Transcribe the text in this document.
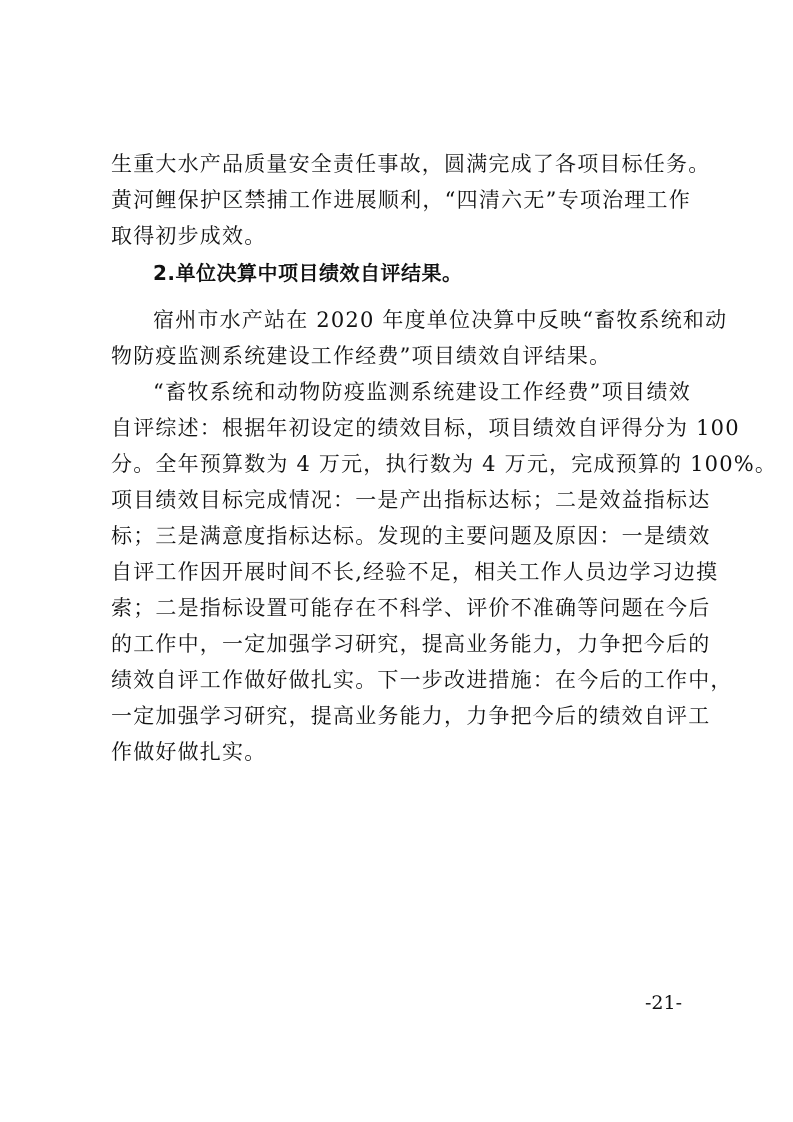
生重大水产品质量安全责任事故，圆满完成了各项目标任务。
黄河鲤保护区禁捕工作进展顺利，“四清六无”专项治理工作
取得初步成效。
2.单位决算中项目绩效自评结果。
宿州市水产站在 2020 年度单位决算中反映“畜牧系统和动
物防疫监测系统建设工作经费”项目绩效自评结果。
“畜牧系统和动物防疫监测系统建设工作经费”项目绩效
自评综述：根据年初设定的绩效目标，项目绩效自评得分为 100
分。全年预算数为 4 万元，执行数为 4 万元，完成预算的 100%。
项目绩效目标完成情况：一是产出指标达标；二是效益指标达
标；三是满意度指标达标。发现的主要问题及原因：一是绩效
自评工作因开展时间不长,经验不足，相关工作人员边学习边摸
索；二是指标设置可能存在不科学、评价不准确等问题在今后
的工作中，一定加强学习研究，提高业务能力，力争把今后的
绩效自评工作做好做扎实。下一步改进措施：在今后的工作中，
一定加强学习研究，提高业务能力，力争把今后的绩效自评工
作做好做扎实。
-21-
